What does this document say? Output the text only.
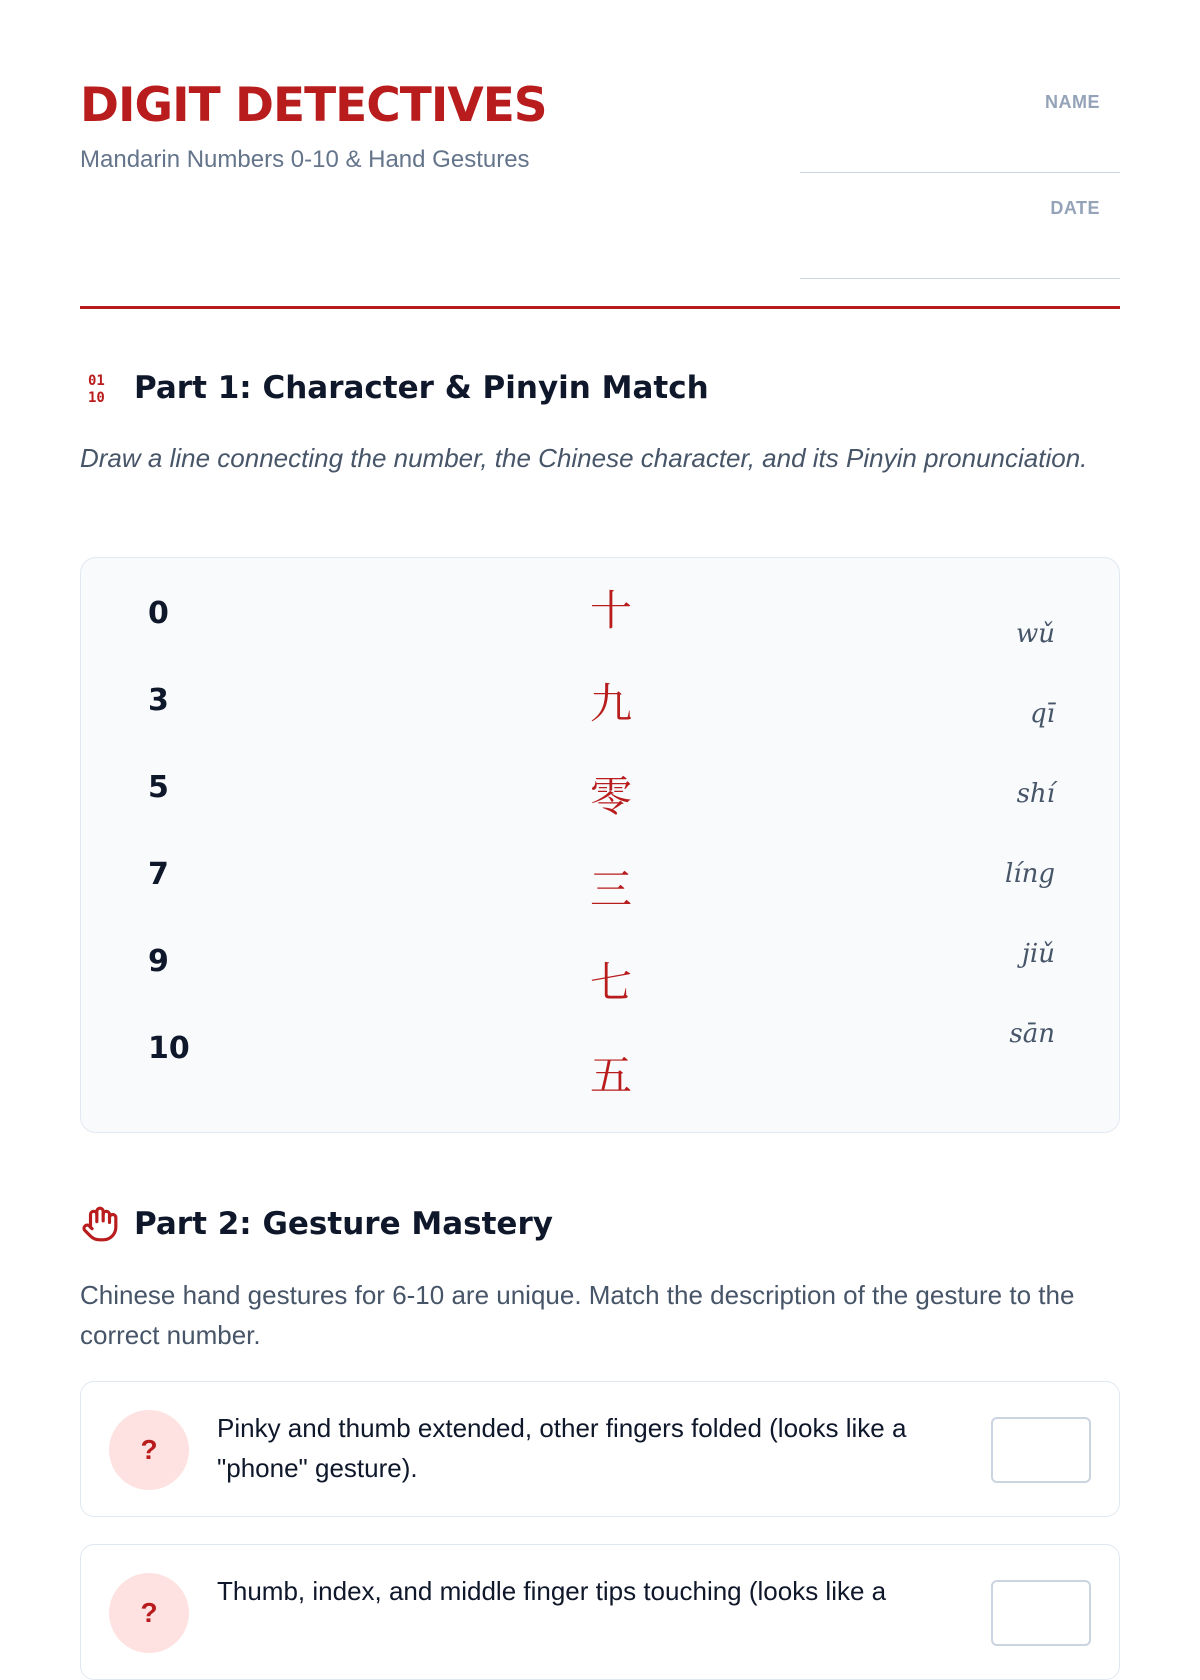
DIGIT DETECTIVES
Mandarin Numbers 0-10 & Hand Gestures
NAME
DATE
01
10 Part 1: Character & Pinyin Match
Draw a line connecting the number, the Chinese character, and its Pinyin pronunciation.
0
3
5
7
9
10
十
九
零
三
七
五
wǔ
qī
shí
líng
jiǔ
sān
Part 2: Gesture Mastery
Chinese hand gestures for 6-10 are unique. Match the description of the gesture to the correct number.
?
Pinky and thumb extended, other fingers folded (looks like a "phone" gesture).
?
Thumb, index, and middle finger tips touching (looks like a
